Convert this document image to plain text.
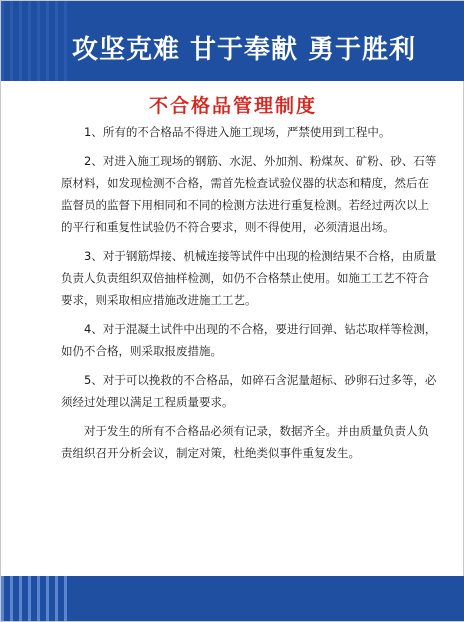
攻坚克难 甘于奉献 勇于胜利
不合格品管理制度

1、所有的不合格品不得进入施工现场，严禁使用到工程中。

2、对进入施工现场的钢筋、水泥、外加剂、粉煤灰、矿粉、砂、石等原材料，如发现检测不合格，需首先检查试验仪器的状态和精度，然后在监督员的监督下用相同和不同的检测方法进行重复检测。若经过两次以上的平行和重复性试验仍不符合要求，则不得使用，必须清退出场。

3、对于钢筋焊接、机械连接等试件中出现的检测结果不合格，由质量负责人负责组织双倍抽样检测，如仍不合格禁止使用。如施工工艺不符合要求，则采取相应措施改进施工工艺。

4、对于混凝土试件中出现的不合格，要进行回弹、钻芯取样等检测，如仍不合格，则采取报废措施。

5、对于可以挽救的不合格品，如碎石含泥量超标、砂卵石过多等，必须经过处理以满足工程质量要求。

对于发生的所有不合格品必须有记录，数据齐全。并由质量负责人负责组织召开分析会议，制定对策，杜绝类似事件重复发生。
